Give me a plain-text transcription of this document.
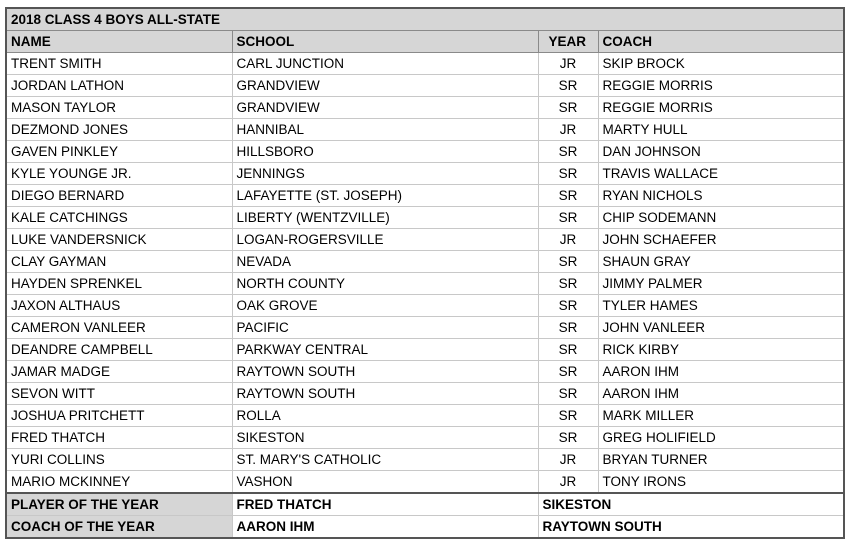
2018 CLASS 4 BOYS ALL-STATE			
NAME	SCHOOL	YEAR	COACH
TRENT SMITH	CARL JUNCTION	JR	SKIP BROCK
JORDAN LATHON	GRANDVIEW	SR	REGGIE MORRIS
MASON TAYLOR	GRANDVIEW	SR	REGGIE MORRIS
DEZMOND JONES	HANNIBAL	JR	MARTY HULL
GAVEN PINKLEY	HILLSBORO	SR	DAN JOHNSON
KYLE YOUNGE JR.	JENNINGS	SR	TRAVIS WALLACE
DIEGO BERNARD	LAFAYETTE (ST. JOSEPH)	SR	RYAN NICHOLS
KALE CATCHINGS	LIBERTY (WENTZVILLE)	SR	CHIP SODEMANN
LUKE VANDERSNICK	LOGAN-ROGERSVILLE	JR	JOHN SCHAEFER
CLAY GAYMAN	NEVADA	SR	SHAUN GRAY
HAYDEN SPRENKEL	NORTH COUNTY	SR	JIMMY PALMER
JAXON ALTHAUS	OAK GROVE	SR	TYLER HAMES
CAMERON VANLEER	PACIFIC	SR	JOHN VANLEER
DEANDRE CAMPBELL	PARKWAY CENTRAL	SR	RICK KIRBY
JAMAR MADGE	RAYTOWN SOUTH	SR	AARON IHM
SEVON WITT	RAYTOWN SOUTH	SR	AARON IHM
JOSHUA PRITCHETT	ROLLA	SR	MARK MILLER
FRED THATCH	SIKESTON	SR	GREG HOLIFIELD
YURI COLLINS	ST. MARY'S CATHOLIC	JR	BRYAN TURNER
MARIO MCKINNEY	VASHON	JR	TONY IRONS
PLAYER OF THE YEAR	FRED THATCH	SIKESTON	
COACH OF THE YEAR	AARON IHM	RAYTOWN SOUTH	
